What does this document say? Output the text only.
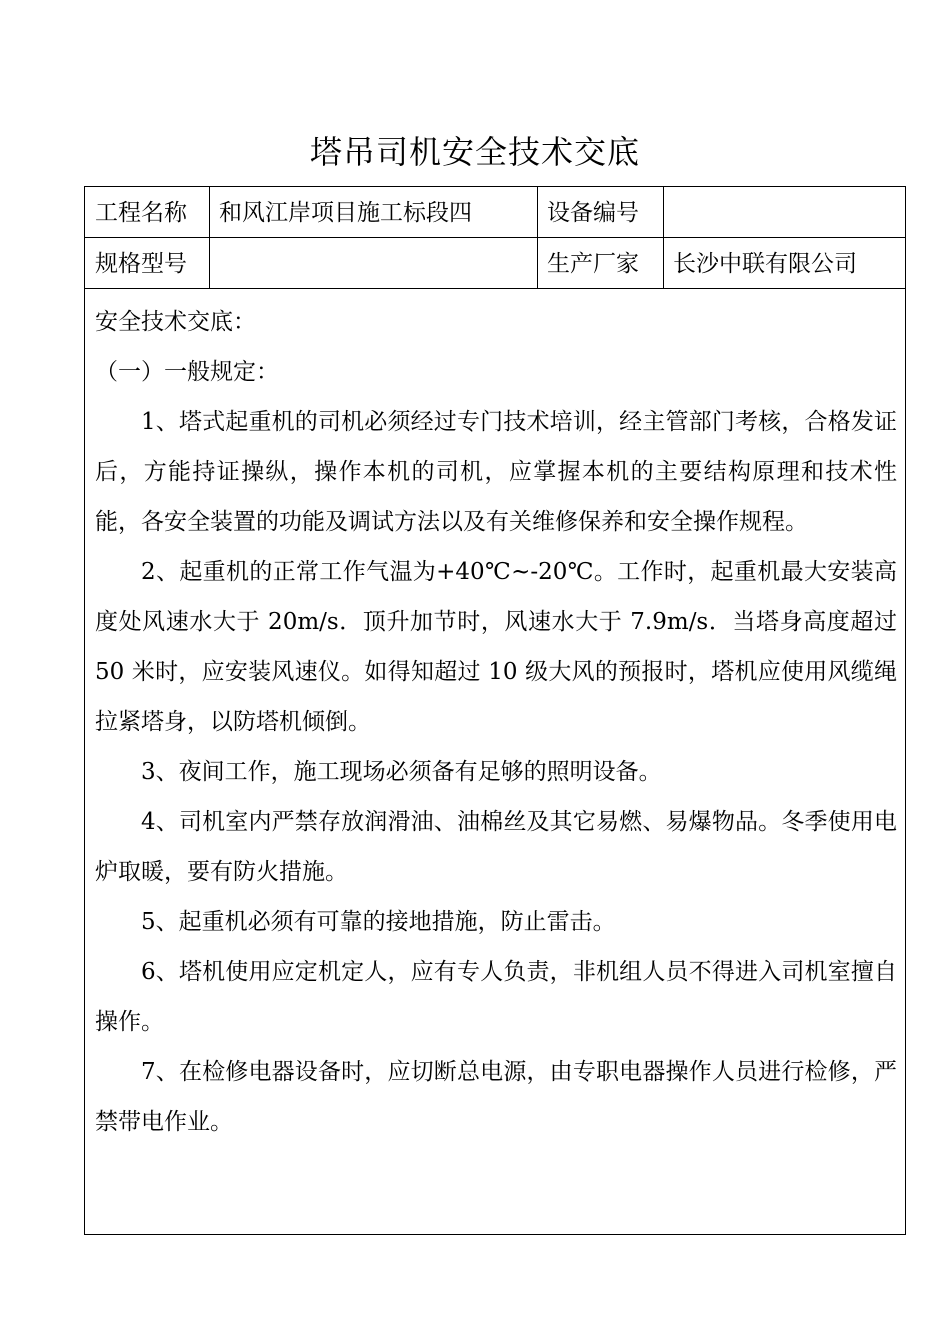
塔吊司机安全技术交底
工程名称 和风江岸项目施工标段四	设备编号
规格型号	生产厂家 长沙中联有限公司
安全技术交底：
（一）一般规定：

1、塔式起重机的司机必须经过专门技术培训，经主管部门考核，合格发证后，方能持证操纵，操作本机的司机，应掌握本机的主要结构原理和技术性能，各安全装置的功能及调试方法以及有关维修保养和安全操作规程。

2、起重机的正常工作气温为+40℃~-20℃。工作时，起重机最大安装高度处风速水大于 20m/s．顶升加节时，风速水大于 7.9m/s．当塔身高度超过 50 米时，应安装风速仪。如得知超过 10 级大风的预报时，塔机应使用风缆绳拉紧塔身，以防塔机倾倒。

3、夜间工作，施工现场必须备有足够的照明设备。

4、司机室内严禁存放润滑油、油棉丝及其它易燃、易爆物品。冬季使用电炉取暖，要有防火措施。

5、起重机必须有可靠的接地措施，防止雷击。

6、塔机使用应定机定人，应有专人负责，非机组人员不得进入司机室擅自操作。

7、在检修电器设备时，应切断总电源，由专职电器操作人员进行检修，严禁带电作业。
